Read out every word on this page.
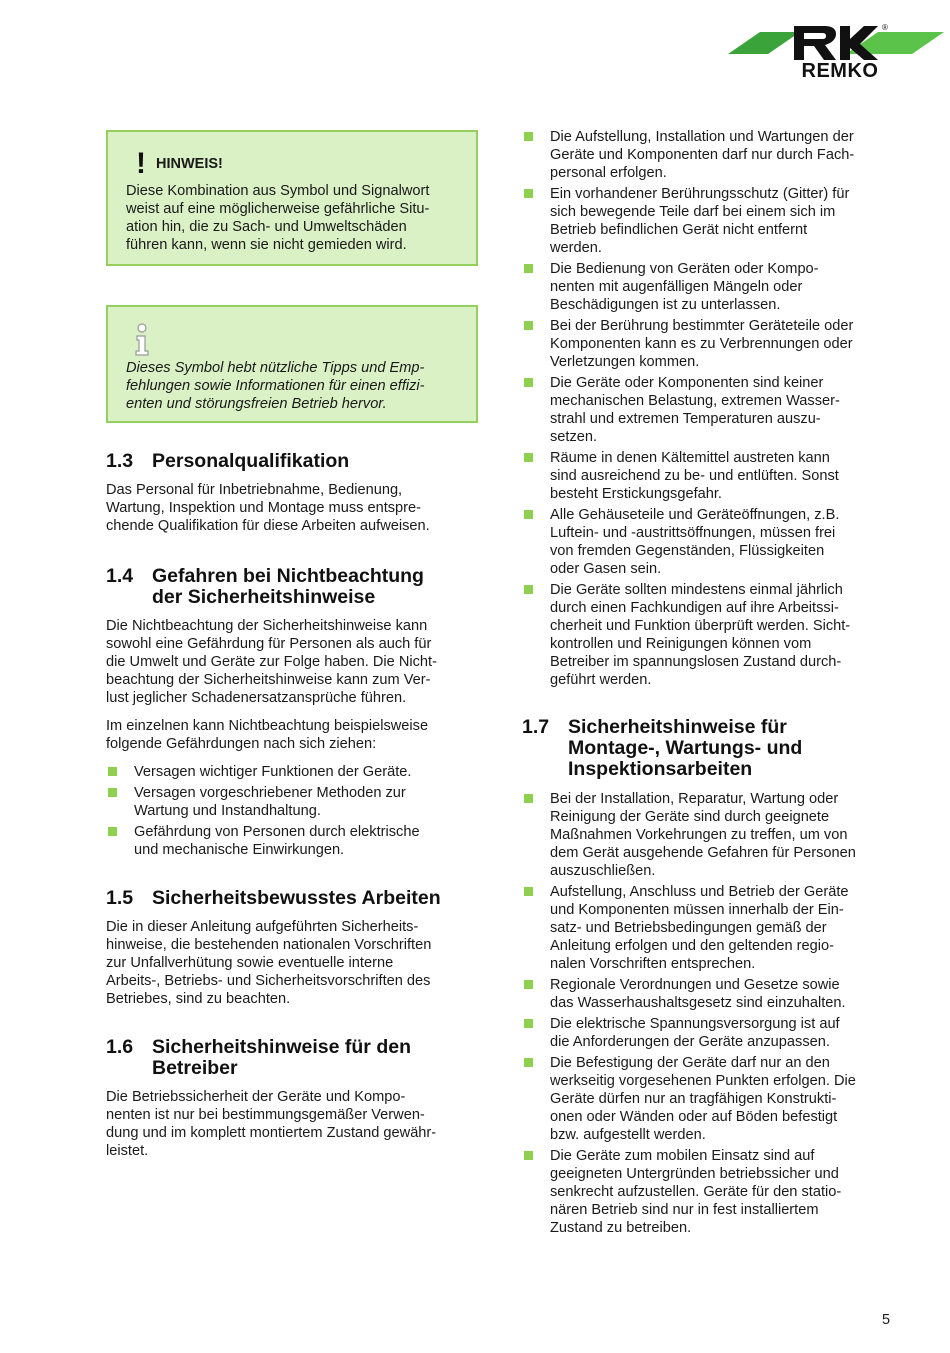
®
REMKO
! HINWEIS!
Diese Kombination aus Symbol und Signalwort
weist auf eine möglicherweise gefährliche Situ-
ation hin, die zu Sach- und Umweltschäden
führen kann, wenn sie nicht gemieden wird.
Dieses Symbol hebt nützliche Tipps und Emp-
fehlungen sowie Informationen für einen effizi-
enten und störungsfreien Betrieb hervor.
1.3 Personalqualifikation
Das Personal für Inbetriebnahme, Bedienung,
Wartung, Inspektion und Montage muss entspre-
chende Qualifikation für diese Arbeiten aufweisen.
1.4 Gefahren bei Nichtbeachtung
der Sicherheitshinweise
Die Nichtbeachtung der Sicherheitshinweise kann
sowohl eine Gefährdung für Personen als auch für
die Umwelt und Geräte zur Folge haben. Die Nicht-
beachtung der Sicherheitshinweise kann zum Ver-
lust jeglicher Schadenersatzansprüche führen.
Im einzelnen kann Nichtbeachtung beispielsweise
folgende Gefährdungen nach sich ziehen:
Versagen wichtiger Funktionen der Geräte.
Versagen vorgeschriebener Methoden zur
Wartung und Instandhaltung.
Gefährdung von Personen durch elektrische
und mechanische Einwirkungen.
1.5 Sicherheitsbewusstes Arbeiten
Die in dieser Anleitung aufgeführten Sicherheits-
hinweise, die bestehenden nationalen Vorschriften
zur Unfallverhütung sowie eventuelle interne
Arbeits-, Betriebs- und Sicherheitsvorschriften des
Betriebes, sind zu beachten.
1.6 Sicherheitshinweise für den
Betreiber
Die Betriebssicherheit der Geräte und Kompo-
nenten ist nur bei bestimmungsgemäßer Verwen-
dung und im komplett montiertem Zustand gewähr-
leistet.
Die Aufstellung, Installation und Wartungen der
Geräte und Komponenten darf nur durch Fach-
personal erfolgen.
Ein vorhandener Berührungsschutz (Gitter) für
sich bewegende Teile darf bei einem sich im
Betrieb befindlichen Gerät nicht entfernt
werden.
Die Bedienung von Geräten oder Kompo-
nenten mit augenfälligen Mängeln oder
Beschädigungen ist zu unterlassen.
Bei der Berührung bestimmter Geräteteile oder
Komponenten kann es zu Verbrennungen oder
Verletzungen kommen.
Die Geräte oder Komponenten sind keiner
mechanischen Belastung, extremen Wasser-
strahl und extremen Temperaturen auszu-
setzen.
Räume in denen Kältemittel austreten kann
sind ausreichend zu be- und entlüften. Sonst
besteht Erstickungsgefahr.
Alle Gehäuseteile und Geräteöffnungen, z.B.
Luftein- und -austrittsöffnungen, müssen frei
von fremden Gegenständen, Flüssigkeiten
oder Gasen sein.
Die Geräte sollten mindestens einmal jährlich
durch einen Fachkundigen auf ihre Arbeitssi-
cherheit und Funktion überprüft werden. Sicht-
kontrollen und Reinigungen können vom
Betreiber im spannungslosen Zustand durch-
geführt werden.
1.7 Sicherheitshinweise für
Montage-, Wartungs- und
Inspektionsarbeiten
Bei der Installation, Reparatur, Wartung oder
Reinigung der Geräte sind durch geeignete
Maßnahmen Vorkehrungen zu treffen, um von
dem Gerät ausgehende Gefahren für Personen
auszuschließen.
Aufstellung, Anschluss und Betrieb der Geräte
und Komponenten müssen innerhalb der Ein-
satz- und Betriebsbedingungen gemäß der
Anleitung erfolgen und den geltenden regio-
nalen Vorschriften entsprechen.
Regionale Verordnungen und Gesetze sowie
das Wasserhaushaltsgesetz sind einzuhalten.
Die elektrische Spannungsversorgung ist auf
die Anforderungen der Geräte anzupassen.
Die Befestigung der Geräte darf nur an den
werkseitig vorgesehenen Punkten erfolgen. Die
Geräte dürfen nur an tragfähigen Konstrukti-
onen oder Wänden oder auf Böden befestigt
bzw. aufgestellt werden.
Die Geräte zum mobilen Einsatz sind auf
geeigneten Untergründen betriebssicher und
senkrecht aufzustellen. Geräte für den statio-
nären Betrieb sind nur in fest installiertem
Zustand zu betreiben.
5
